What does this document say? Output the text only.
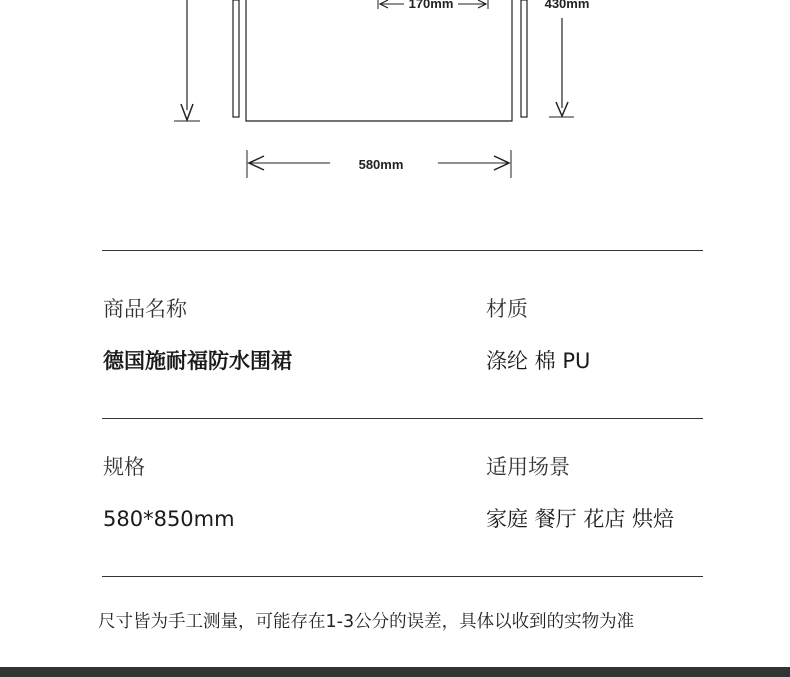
170mm	430mm
580mm
商品名称	材质
德国施耐福防水围裙	涤纶 棉 PU
规格	适用场景
580*850mm	家庭 餐厅 花店 烘焙
尺寸皆为手工测量，可能存在1-3公分的误差，具体以收到的实物为准
